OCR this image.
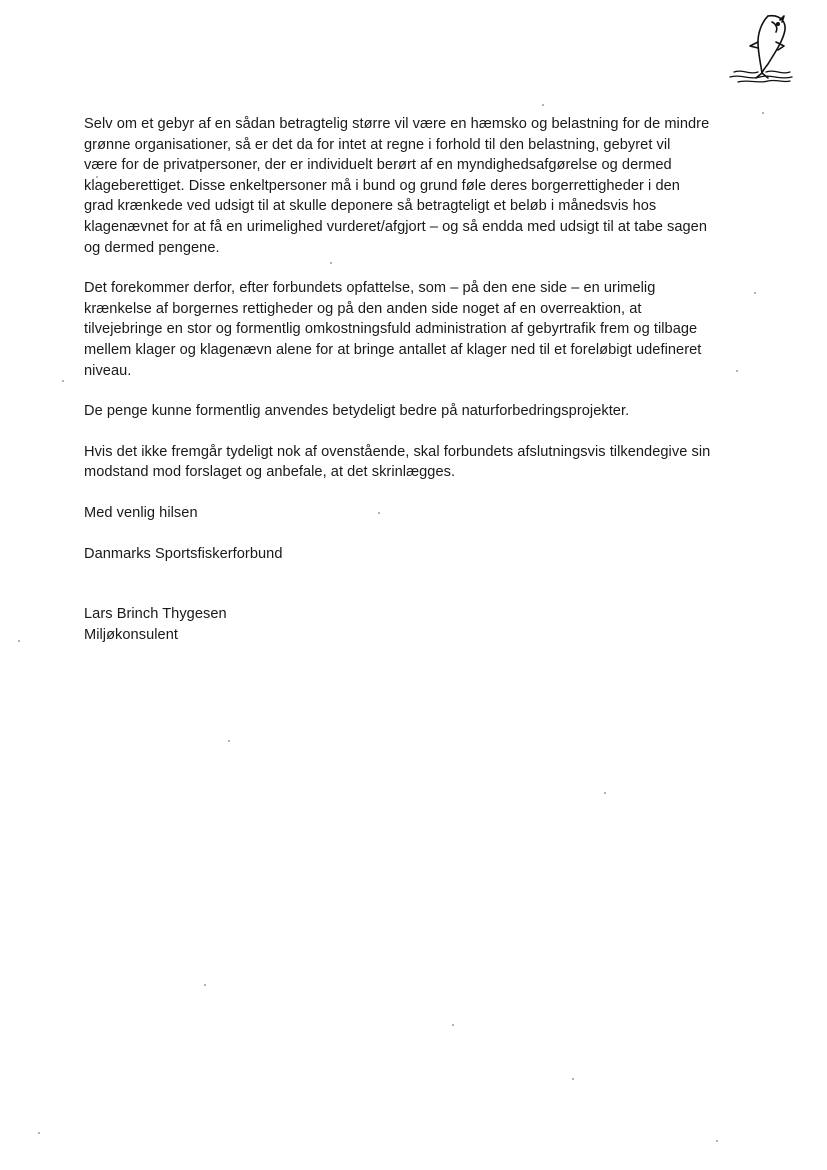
Selv om et gebyr af en sådan betragtelig større vil være en hæmsko og belastning for de mindre
grønne organisationer, så er det da for intet at regne i forhold til den belastning, gebyret vil
være for de privatpersoner, der er individuelt berørt af en myndighedsafgørelse og dermed
klageberettiget. Disse enkeltpersoner må i bund og grund føle deres borgerrettigheder i den
grad krænkede ved udsigt til at skulle deponere så betragteligt et beløb i månedsvis hos
klagenævnet for at få en urimelighed vurderet/afgjort – og så endda med udsigt til at tabe sagen
og dermed pengene.

Det forekommer derfor, efter forbundets opfattelse, som – på den ene side – en urimelig
krænkelse af borgernes rettigheder og på den anden side noget af en overreaktion, at
tilvejebringe en stor og formentlig omkostningsfuld administration af gebyrtrafik frem og tilbage
mellem klager og klagenævn alene for at bringe antallet af klager ned til et foreløbigt udefineret
niveau.

De penge kunne formentlig anvendes betydeligt bedre på naturforbedringsprojekter.

Hvis det ikke fremgår tydeligt nok af ovenstående, skal forbundets afslutningsvis tilkendegive sin
modstand mod forslaget og anbefale, at det skrinlægges.

Med venlig hilsen

Danmarks Sportsfiskerforbund

Lars Brinch Thygesen
Miljøkonsulent
